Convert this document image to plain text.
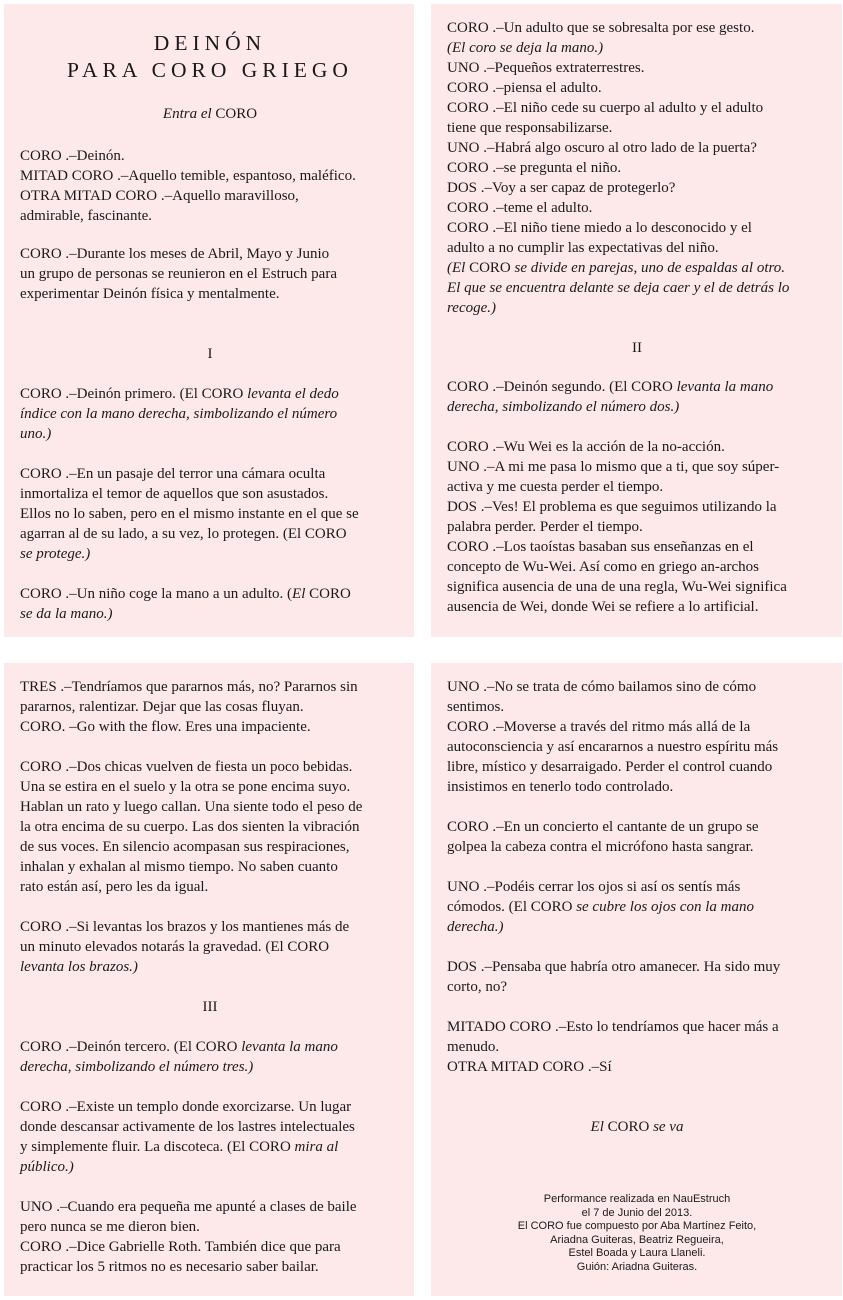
DEINÓN
PARA CORO GRIEGO

Entra el CORO

CORO .–Deinón.
MITAD CORO .–Aquello temible, espantoso, maléfico.
OTRA MITAD CORO .–Aquello maravilloso,
admirable, fascinante.

CORO .–Durante los meses de Abril, Mayo y Junio
un grupo de personas se reunieron en el Estruch para
experimentar Deinón física y mentalmente.

I

CORO .–Deinón primero. (El CORO levanta el dedo
índice con la mano derecha, simbolizando el número
uno.)

CORO .–En un pasaje del terror una cámara oculta
inmortaliza el temor de aquellos que son asustados.
Ellos no lo saben, pero en el mismo instante en el que se
agarran al de su lado, a su vez, lo protegen. (El CORO
se protege.)

CORO .–Un niño coge la mano a un adulto. (El CORO
se da la mano.)

CORO .–Un adulto que se sobresalta por ese gesto.
(El coro se deja la mano.)
UNO .–Pequeños extraterrestres.
CORO .–piensa el adulto.
CORO .–El niño cede su cuerpo al adulto y el adulto
tiene que responsabilizarse.
UNO .–Habrá algo oscuro al otro lado de la puerta?
CORO .–se pregunta el niño.
DOS .–Voy a ser capaz de protegerlo?
CORO .–teme el adulto.
CORO .–El niño tiene miedo a lo desconocido y el
adulto a no cumplir las expectativas del niño.

(El CORO se divide en parejas, uno de espaldas al otro.
El que se encuentra delante se deja caer y el de detrás lo
recoge.)

II

CORO .–Deinón segundo. (El CORO levanta la mano
derecha, simbolizando el número dos.)

CORO .–Wu Wei es la acción de la no-acción.
UNO .–A mi me pasa lo mismo que a ti, que soy súper-
activa y me cuesta perder el tiempo.
DOS .–Ves! El problema es que seguimos utilizando la
palabra perder. Perder el tiempo.
CORO .–Los taoístas basaban sus enseñanzas en el
concepto de Wu-Wei. Así como en griego an-archos
significa ausencia de una de una regla, Wu-Wei significa
ausencia de Wei, donde Wei se refiere a lo artificial.

TRES .–Tendríamos que pararnos más, no? Pararnos sin
pararnos, ralentizar. Dejar que las cosas fluyan.
CORO. –Go with the flow. Eres una impaciente.

CORO .–Dos chicas vuelven de fiesta un poco bebidas.
Una se estira en el suelo y la otra se pone encima suyo.
Hablan un rato y luego callan. Una siente todo el peso de
la otra encima de su cuerpo. Las dos sienten la vibración
de sus voces. En silencio acompasan sus respiraciones,
inhalan y exhalan al mismo tiempo. No saben cuanto
rato están así, pero les da igual.

CORO .–Si levantas los brazos y los mantienes más de
un minuto elevados notarás la gravedad. (El CORO
levanta los brazos.)

III

CORO .–Deinón tercero. (El CORO levanta la mano
derecha, simbolizando el número tres.)

CORO .–Existe un templo donde exorcizarse. Un lugar
donde descansar activamente de los lastres intelectuales
y simplemente fluir. La discoteca. (El CORO mira al
público.)

UNO .–Cuando era pequeña me apunté a clases de baile
pero nunca se me dieron bien.
CORO .–Dice Gabrielle Roth. También dice que para
practicar los 5 ritmos no es necesario saber bailar.

UNO .–No se trata de cómo bailamos sino de cómo
sentimos.

CORO .–Moverse a través del ritmo más allá de la
autoconsciencia y así encararnos a nuestro espíritu más
libre, místico y desarraigado. Perder el control cuando
insistimos en tenerlo todo controlado.

CORO .–En un concierto el cantante de un grupo se
golpea la cabeza contra el micrófono hasta sangrar.

UNO .–Podéis cerrar los ojos si así os sentís más
cómodos. (El CORO se cubre los ojos con la mano
derecha.)

DOS .–Pensaba que habría otro amanecer. Ha sido muy
corto, no?

MITADO CORO .–Esto lo tendríamos que hacer más a
menudo.
OTRA MITAD CORO .–Sí

El CORO se va

Performance realizada en NauEstruch
el 7 de Junio del 2013.
El CORO fue compuesto por Aba Martínez Feito,
Ariadna Guiteras, Beatriz Regueira,
Estel Boada y Laura Llaneli.
Guión: Ariadna Guiteras.
